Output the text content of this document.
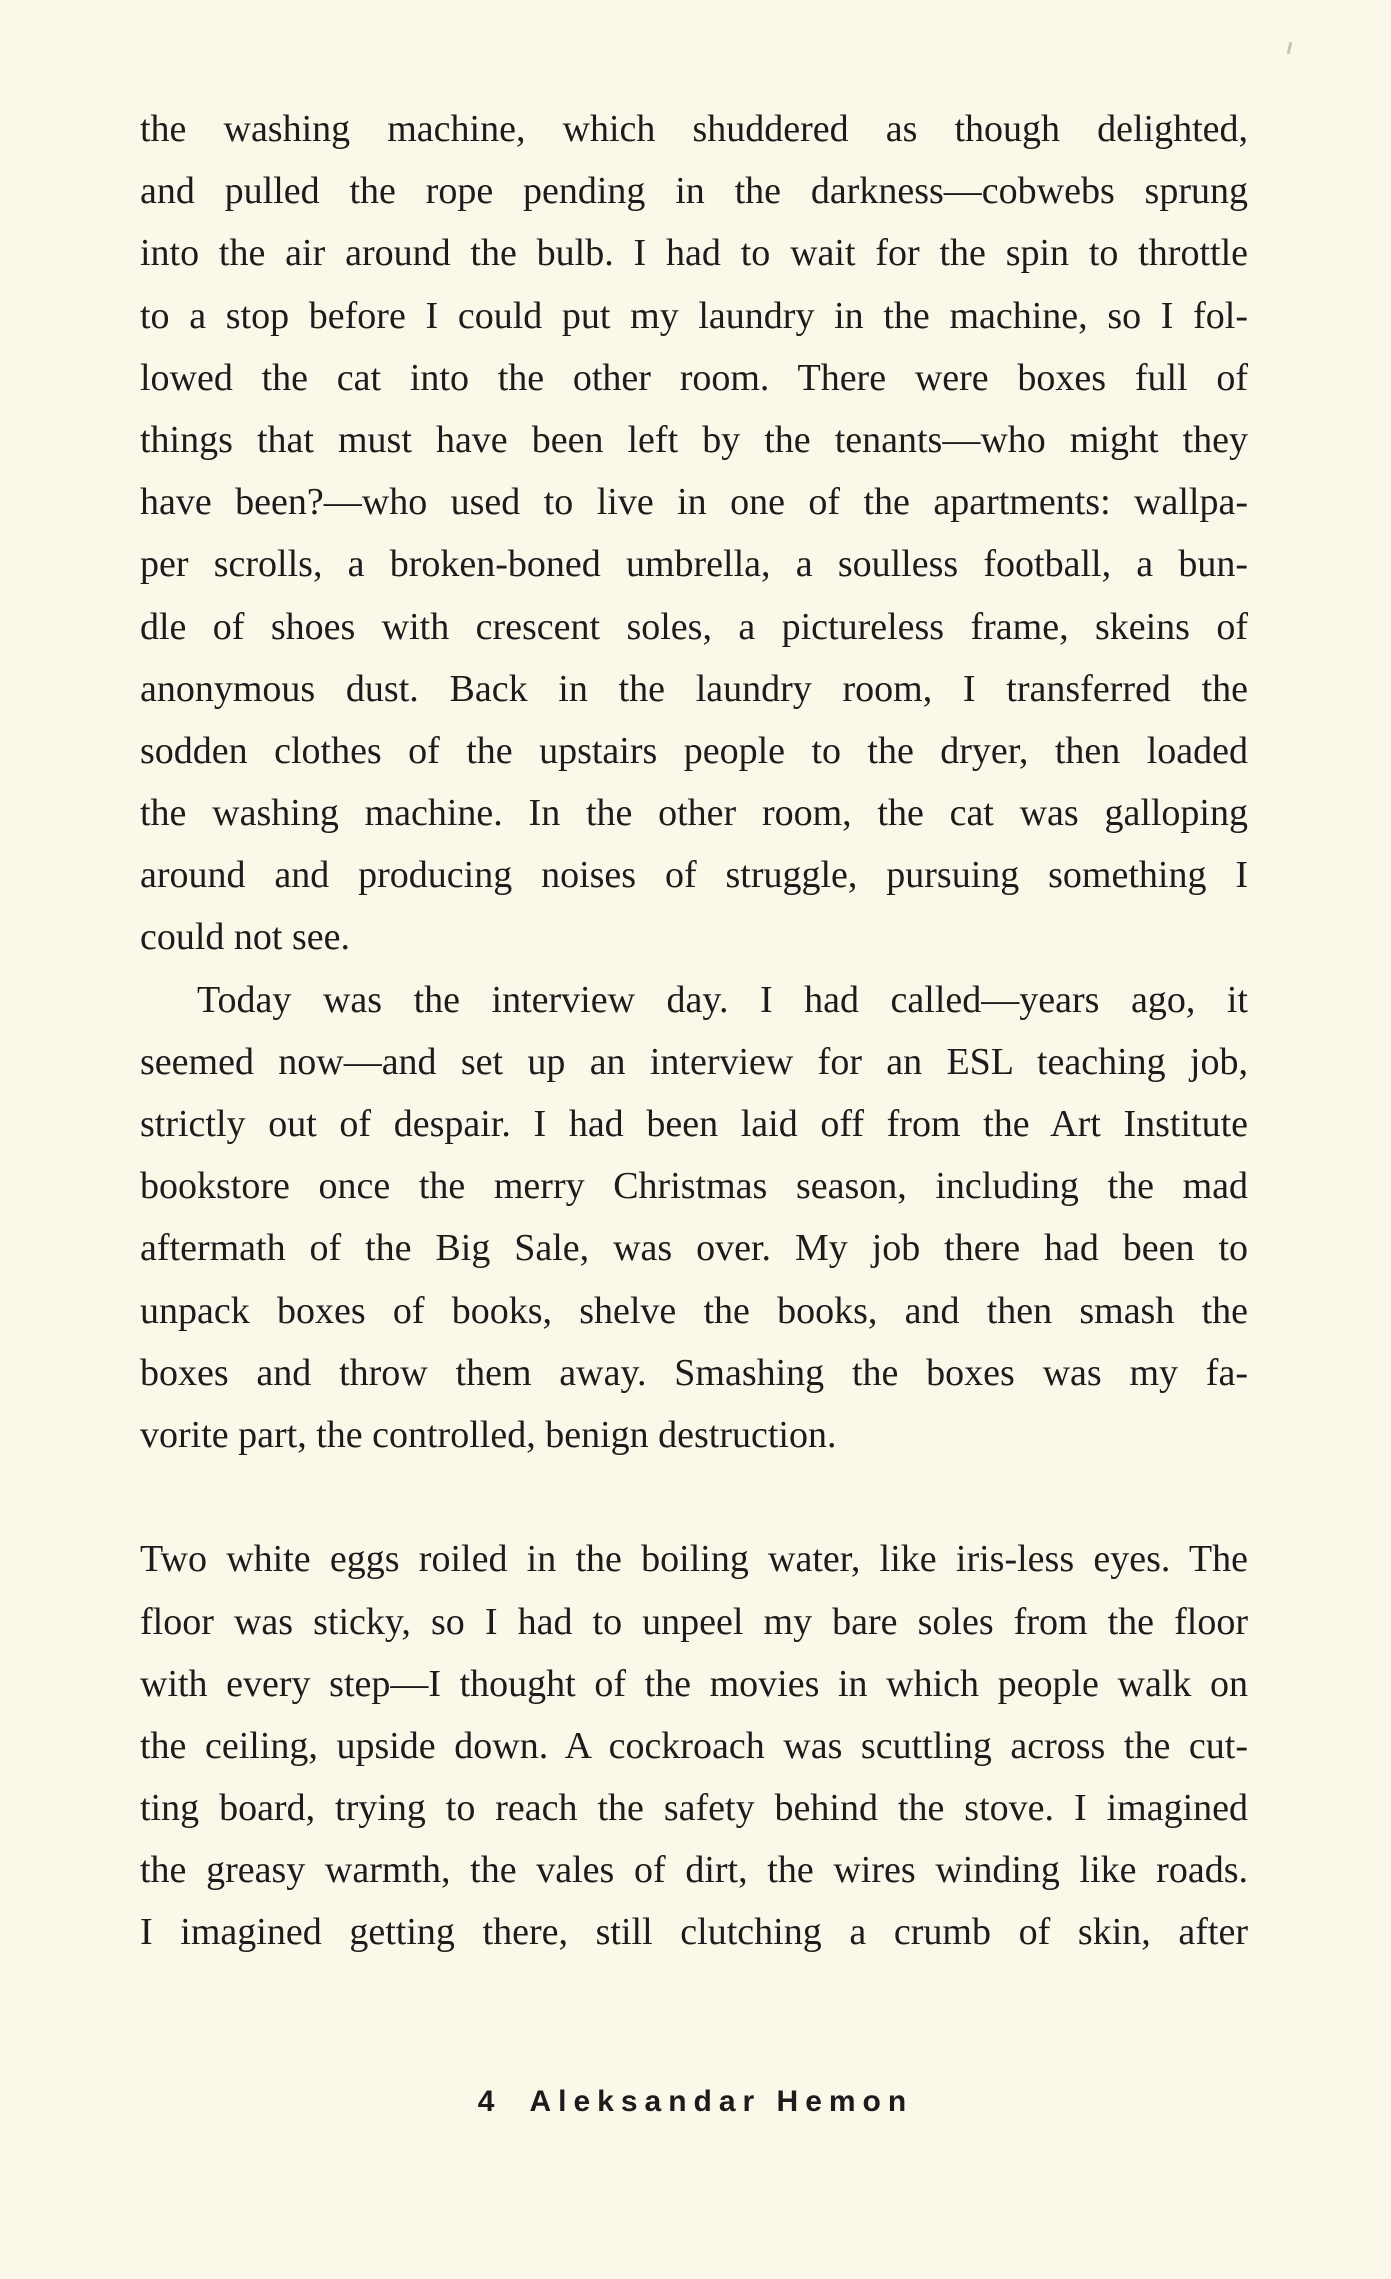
the washing machine, which shuddered as though delighted,
and pulled the rope pending in the darkness—cobwebs sprung
into the air around the bulb. I had to wait for the spin to throttle
to a stop before I could put my laundry in the machine, so I fol-
lowed the cat into the other room. There were boxes full of
things that must have been left by the tenants—who might they
have been?—who used to live in one of the apartments: wallpa-
per scrolls, a broken-boned umbrella, a soulless football, a bun-
dle of shoes with crescent soles, a pictureless frame, skeins of
anonymous dust. Back in the laundry room, I transferred the
sodden clothes of the upstairs people to the dryer, then loaded
the washing machine. In the other room, the cat was galloping
around and producing noises of struggle, pursuing something I
could not see.
Today was the interview day. I had called—years ago, it
seemed now—and set up an interview for an ESL teaching job,
strictly out of despair. I had been laid off from the Art Institute
bookstore once the merry Christmas season, including the mad
aftermath of the Big Sale, was over. My job there had been to
unpack boxes of books, shelve the books, and then smash the
boxes and throw them away. Smashing the boxes was my fa-
vorite part, the controlled, benign destruction.
Two white eggs roiled in the boiling water, like iris-less eyes. The
floor was sticky, so I had to unpeel my bare soles from the floor
with every step—I thought of the movies in which people walk on
the ceiling, upside down. A cockroach was scuttling across the cut-
ting board, trying to reach the safety behind the stove. I imagined
the greasy warmth, the vales of dirt, the wires winding like roads.
I imagined getting there, still clutching a crumb of skin, after
4 Aleksandar Hemon
